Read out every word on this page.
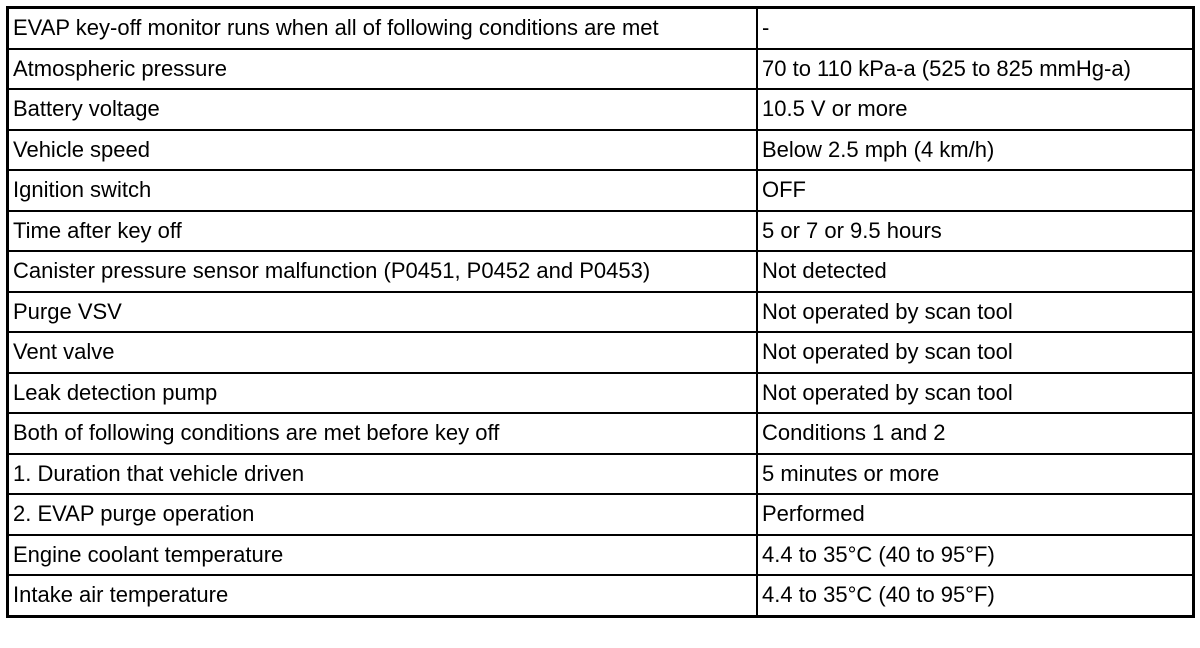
EVAP key-off monitor runs when all of following conditions are met	-
Atmospheric pressure	70 to 110 kPa-a (525 to 825 mmHg-a)
Battery voltage	10.5 V or more
Vehicle speed	Below 2.5 mph (4 km/h)
Ignition switch	OFF
Time after key off	5 or 7 or 9.5 hours
Canister pressure sensor malfunction (P0451, P0452 and P0453)	Not detected
Purge VSV	Not operated by scan tool
Vent valve	Not operated by scan tool
Leak detection pump	Not operated by scan tool
Both of following conditions are met before key off	Conditions 1 and 2
1. Duration that vehicle driven	5 minutes or more
2. EVAP purge operation	Performed
Engine coolant temperature	4.4 to 35°C (40 to 95°F)
Intake air temperature	4.4 to 35°C (40 to 95°F)
